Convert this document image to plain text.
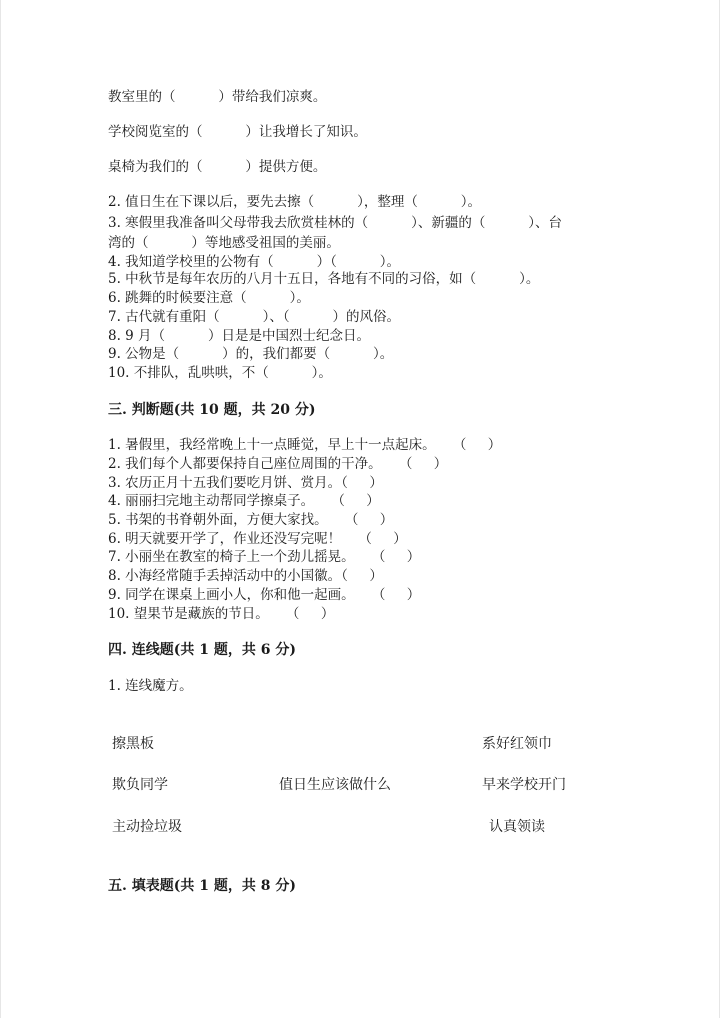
教室里的（          ）带给我们凉爽。
学校阅览室的（          ）让我增长了知识。
桌椅为我们的（          ）提供方便。
2. 值日生在下课以后，要先去擦（          ），整理（          ）。
3. 寒假里我准备叫父母带我去欣赏桂林的（          ）、新疆的（          ）、台
湾的（          ）等地感受祖国的美丽。
4. 我知道学校里的公物有（          ）（          ）。
5. 中秋节是每年农历的八月十五日，各地有不同的习俗，如（          ）。
6. 跳舞的时候要注意（          ）。
7. 古代就有重阳（          ）、（          ）的风俗。
8. 9 月（          ）日是是中国烈士纪念日。
9. 公物是（          ）的，我们都要（          ）。
10. 不排队，乱哄哄，不（          ）。
三. 判断题(共 10 题，共 20 分)
1. 暑假里，我经常晚上十一点睡觉，早上十一点起床。    （     ）
2. 我们每个人都要保持自己座位周围的干净。    （     ）
3. 农历正月十五我们要吃月饼、赏月。（     ）
4. 丽丽扫完地主动帮同学擦桌子。    （     ）
5. 书架的书脊朝外面，方便大家找。    （     ）
6. 明天就要开学了，作业还没写完呢！    （     ）
7. 小丽坐在教室的椅子上一个劲儿摇晃。    （     ）
8. 小海经常随手丢掉活动中的小国徽。（     ）
9. 同学在课桌上画小人，你和他一起画。    （     ）
10. 望果节是藏族的节日。    （     ）
四. 连线题(共 1 题，共 6 分)
1. 连线魔方。
擦黑板
欺负同学
主动捡垃圾
值日生应该做什么
系好红领巾
早来学校开门
认真领读
五. 填表题(共 1 题，共 8 分)
